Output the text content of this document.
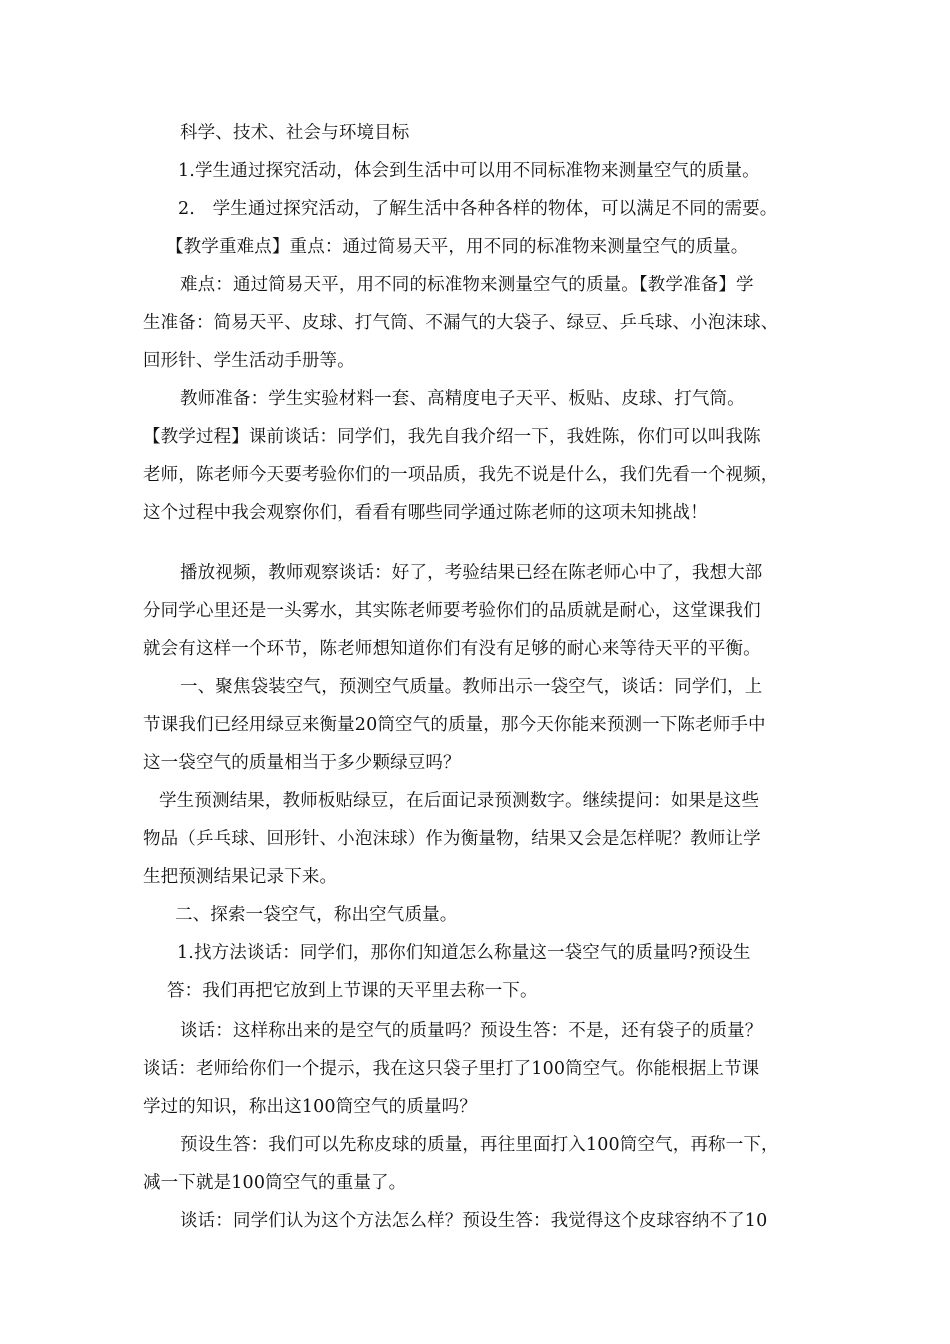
科学、技术、社会与环境目标
1.学生通过探究活动，体会到生活中可以用不同标准物来测量空气的质量。
2.　学生通过探究活动，了解生活中各种各样的物体，可以满足不同的需要。
【教学重难点】重点：通过简易天平，用不同的标准物来测量空气的质量。
难点：通过简易天平，用不同的标准物来测量空气的质量。【教学准备】学
生准备：简易天平、皮球、打气筒、不漏气的大袋子、绿豆、乒乓球、小泡沫球、
回形针、学生活动手册等。
教师准备：学生实验材料一套、高精度电子天平、板贴、皮球、打气筒。
【教学过程】课前谈话：同学们，我先自我介绍一下，我姓陈，你们可以叫我陈
老师，陈老师今天要考验你们的一项品质，我先不说是什么，我们先看一个视频，
这个过程中我会观察你们，看看有哪些同学通过陈老师的这项未知挑战！
播放视频，教师观察谈话：好了，考验结果已经在陈老师心中了，我想大部
分同学心里还是一头雾水，其实陈老师要考验你们的品质就是耐心，这堂课我们
就会有这样一个环节，陈老师想知道你们有没有足够的耐心来等待天平的平衡。
一、聚焦袋装空气，预测空气质量。教师出示一袋空气，谈话：同学们，上
节课我们已经用绿豆来衡量20筒空气的质量，那今天你能来预测一下陈老师手中
这一袋空气的质量相当于多少颗绿豆吗？
学生预测结果，教师板贴绿豆，在后面记录预测数字。继续提问：如果是这些
物品（乒乓球、回形针、小泡沫球）作为衡量物，结果又会是怎样呢？教师让学
生把预测结果记录下来。
二、探索一袋空气，称出空气质量。
1.找方法谈话：同学们，那你们知道怎么称量这一袋空气的质量吗?预设生
答：我们再把它放到上节课的天平里去称一下。
谈话：这样称出来的是空气的质量吗？预设生答：不是，还有袋子的质量？
谈话：老师给你们一个提示，我在这只袋子里打了100筒空气。你能根据上节课
学过的知识，称出这100筒空气的质量吗？
预设生答：我们可以先称皮球的质量，再往里面打入100筒空气，再称一下，
减一下就是100筒空气的重量了。
谈话：同学们认为这个方法怎么样？预设生答：我觉得这个皮球容纳不了10
